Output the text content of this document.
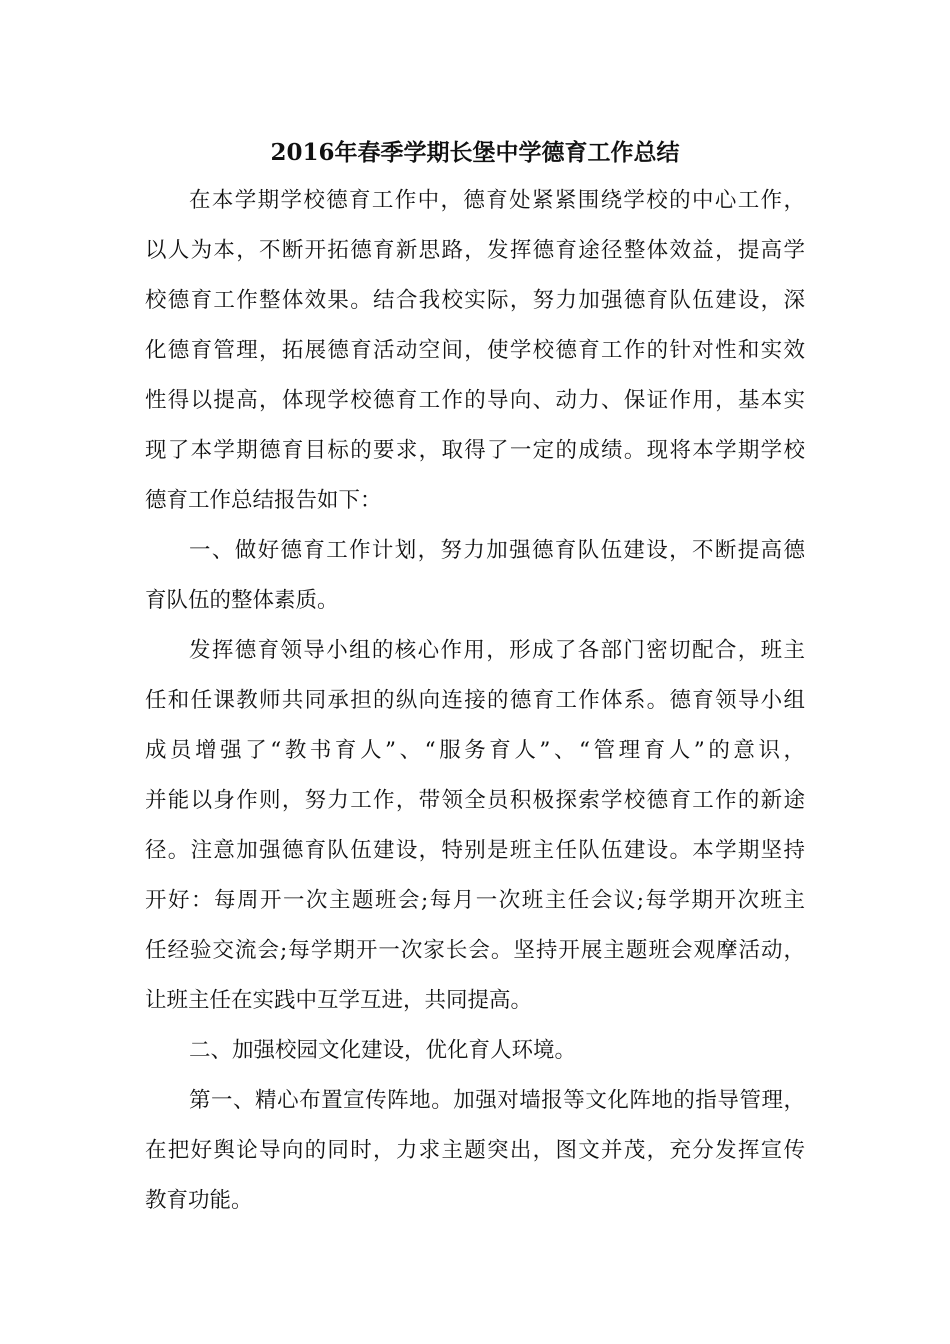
2016年春季学期长堡中学德育工作总结
在本学期学校德育工作中，德育处紧紧围绕学校的中心工作，
以人为本，不断开拓德育新思路，发挥德育途径整体效益，提高学
校德育工作整体效果。结合我校实际，努力加强德育队伍建设，深
化德育管理，拓展德育活动空间，使学校德育工作的针对性和实效
性得以提高，体现学校德育工作的导向、动力、保证作用，基本实
现了本学期德育目标的要求，取得了一定的成绩。现将本学期学校
德育工作总结报告如下：
一、做好德育工作计划，努力加强德育队伍建设，不断提高德
育队伍的整体素质。
发挥德育领导小组的核心作用，形成了各部门密切配合，班主
任和任课教师共同承担的纵向连接的德育工作体系。德育领导小组
成员增强了“教书育人”、“服务育人”、“管理育人”的意识，
并能以身作则，努力工作，带领全员积极探索学校德育工作的新途
径。注意加强德育队伍建设，特别是班主任队伍建设。本学期坚持
开好：每周开一次主题班会;每月一次班主任会议;每学期开次班主
任经验交流会;每学期开一次家长会。坚持开展主题班会观摩活动，
让班主任在实践中互学互进，共同提高。
二、加强校园文化建设，优化育人环境。
第一、精心布置宣传阵地。加强对墙报等文化阵地的指导管理，
在把好舆论导向的同时，力求主题突出，图文并茂，充分发挥宣传
教育功能。
